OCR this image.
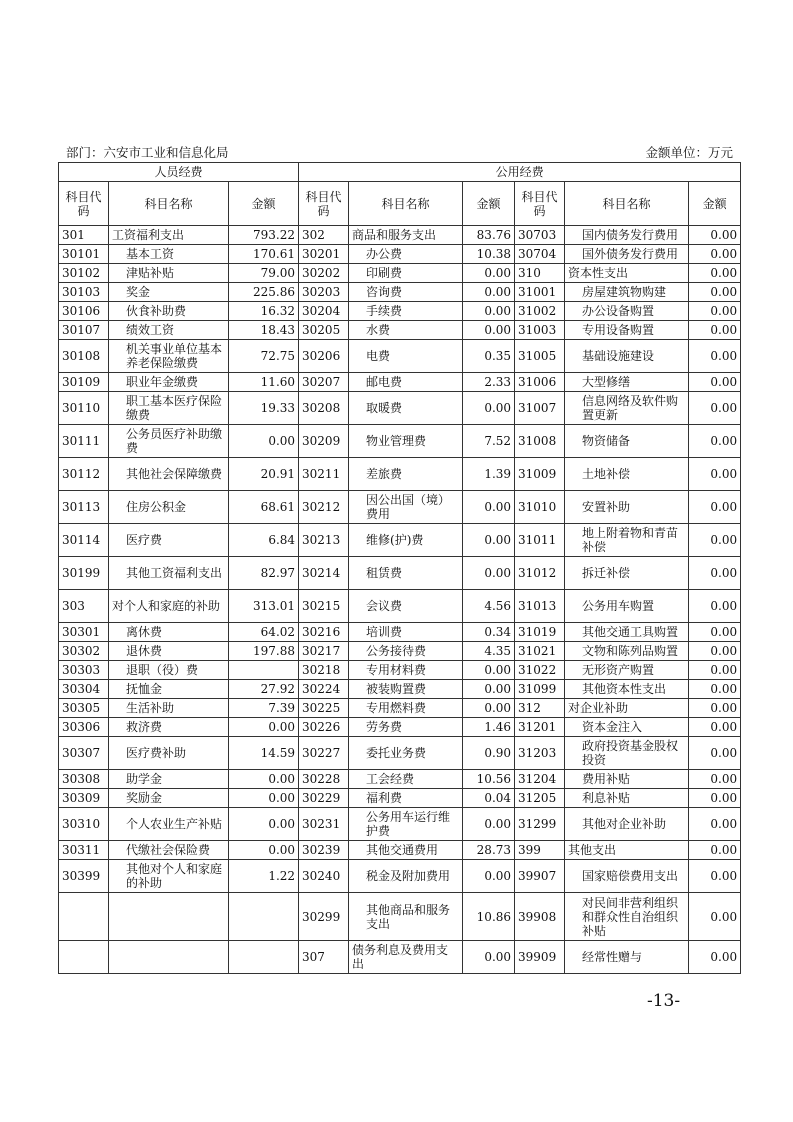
部门：六安市工业和信息化局	金额单位：万元
人员经费			公用经费					
科目代码	科目名称	金额	科目代码	科目名称	金额	科目代码	科目名称	金额
301	工资福利支出	793.22	302	商品和服务支出	83.76	30703	国内债务发行费用	0.00
30101	基本工资	170.61	30201	办公费	10.38	30704	国外债务发行费用	0.00
30102	津贴补贴	79.00	30202	印刷费	0.00	310	资本性支出	0.00
30103	奖金	225.86	30203	咨询费	0.00	31001	房屋建筑物购建	0.00
30106	伙食补助费	16.32	30204	手续费	0.00	31002	办公设备购置	0.00
30107	绩效工资	18.43	30205	水费	0.00	31003	专用设备购置	0.00
30108	机关事业单位基本养老保险缴费	72.75	30206	电费	0.35	31005	基础设施建设	0.00
30109	职业年金缴费	11.60	30207	邮电费	2.33	31006	大型修缮	0.00
30110	职工基本医疗保险缴费	19.33	30208	取暖费	0.00	31007	信息网络及软件购置更新	0.00
30111	公务员医疗补助缴费	0.00	30209	物业管理费	7.52	31008	物资储备	0.00
30112	其他社会保障缴费	20.91	30211	差旅费	1.39	31009	土地补偿	0.00
30113	住房公积金	68.61	30212	因公出国（境）费用	0.00	31010	安置补助	0.00
30114	医疗费	6.84	30213	维修(护)费	0.00	31011	地上附着物和青苗补偿	0.00
30199	其他工资福利支出	82.97	30214	租赁费	0.00	31012	拆迁补偿	0.00
303	对个人和家庭的补助	313.01	30215	会议费	4.56	31013	公务用车购置	0.00
30301	离休费	64.02	30216	培训费	0.34	31019	其他交通工具购置	0.00
30302	退休费	197.88	30217	公务接待费	4.35	31021	文物和陈列品购置	0.00
30303	退职（役）费		30218	专用材料费	0.00	31022	无形资产购置	0.00
30304	抚恤金	27.92	30224	被装购置费	0.00	31099	其他资本性支出	0.00
30305	生活补助	7.39	30225	专用燃料费	0.00	312	对企业补助	0.00
30306	救济费	0.00	30226	劳务费	1.46	31201	资本金注入	0.00
30307	医疗费补助	14.59	30227	委托业务费	0.90	31203	政府投资基金股权投资	0.00
30308	助学金	0.00	30228	工会经费	10.56	31204	费用补贴	0.00
30309	奖励金	0.00	30229	福利费	0.04	31205	利息补贴	0.00
30310	个人农业生产补贴	0.00	30231	公务用车运行维护费	0.00	31299	其他对企业补助	0.00
30311	代缴社会保险费	0.00	30239	其他交通费用	28.73	399	其他支出	0.00
30399	其他对个人和家庭的补助	1.22	30240	税金及附加费用	0.00	39907	国家赔偿费用支出	0.00
			30299	其他商品和服务支出	10.86	39908	对民间非营利组织和群众性自治组织补贴	0.00
			307	债务利息及费用支出	0.00	39909	经常性赠与	0.00
-13-
